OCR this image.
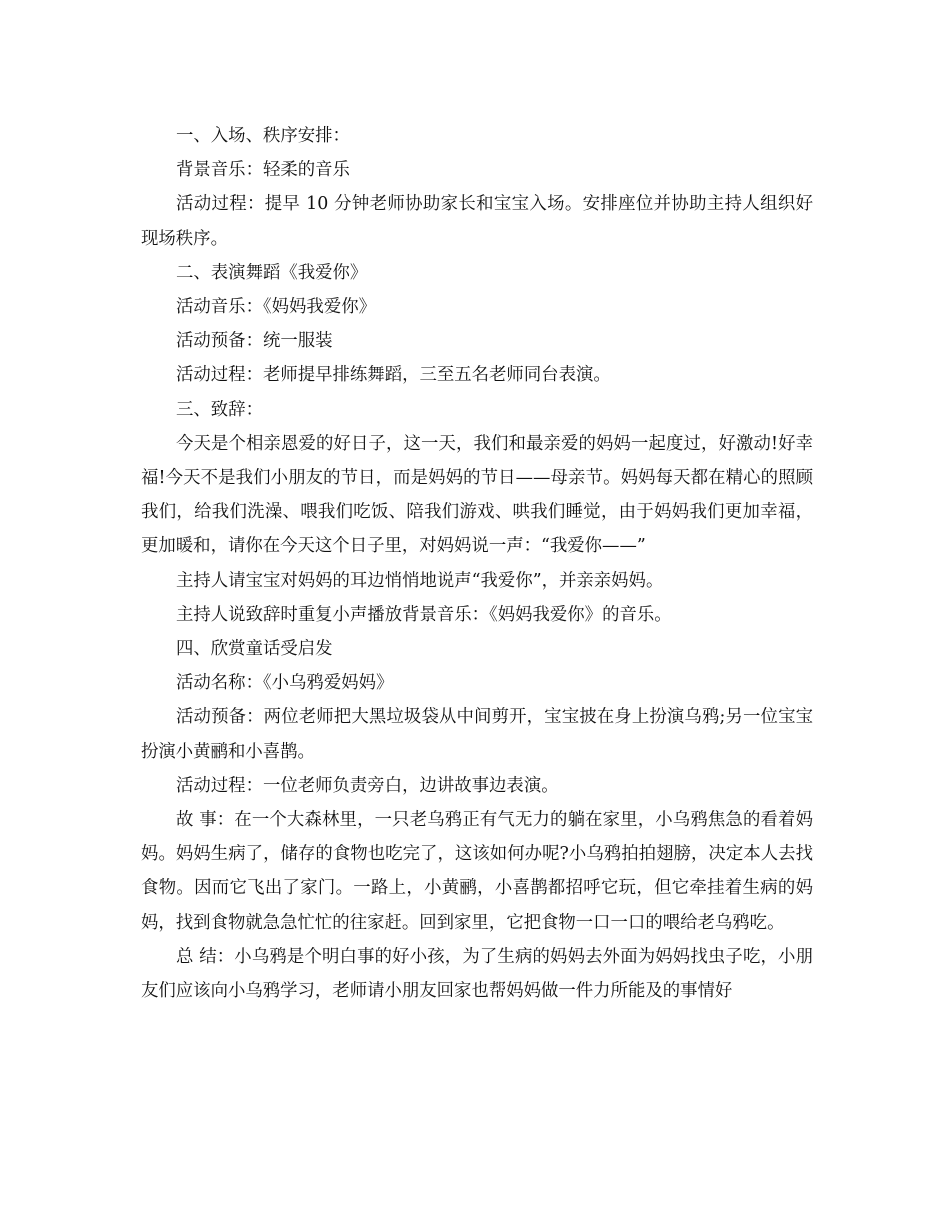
一、入场、秩序安排：

背景音乐：轻柔的音乐

活动过程：提早 10 分钟老师协助家长和宝宝入场。安排座位并协助主持人组织好现场秩序。

二、表演舞蹈《我爱你》

活动音乐：《妈妈我爱你》

活动预备：统一服装

活动过程：老师提早排练舞蹈，三至五名老师同台表演。

三、致辞：

今天是个相亲恩爱的好日子，这一天，我们和最亲爱的妈妈一起度过，好激动!好幸福!今天不是我们小朋友的节日，而是妈妈的节日——母亲节。妈妈每天都在精心的照顾我们，给我们洗澡、喂我们吃饭、陪我们游戏、哄我们睡觉，由于妈妈我们更加幸福，更加暖和，请你在今天这个日子里，对妈妈说一声：“我爱你——”

主持人请宝宝对妈妈的耳边悄悄地说声“我爱你”，并亲亲妈妈。

主持人说致辞时重复小声播放背景音乐：《妈妈我爱你》的音乐。

四、欣赏童话受启发

活动名称：《小乌鸦爱妈妈》

活动预备：两位老师把大黑垃圾袋从中间剪开，宝宝披在身上扮演乌鸦;另一位宝宝扮演小黄鹂和小喜鹊。

活动过程：一位老师负责旁白，边讲故事边表演。

故 事：在一个大森林里，一只老乌鸦正有气无力的躺在家里，小乌鸦焦急的看着妈妈。妈妈生病了，储存的食物也吃完了，这该如何办呢?小乌鸦拍拍翅膀，决定本人去找食物。因而它飞出了家门。一路上，小黄鹂，小喜鹊都招呼它玩，但它牵挂着生病的妈妈，找到食物就急急忙忙的往家赶。回到家里，它把食物一口一口的喂给老乌鸦吃。

总 结：小乌鸦是个明白事的好小孩，为了生病的妈妈去外面为妈妈找虫子吃，小朋友们应该向小乌鸦学习，老师请小朋友回家也帮妈妈做一件力所能及的事情好
